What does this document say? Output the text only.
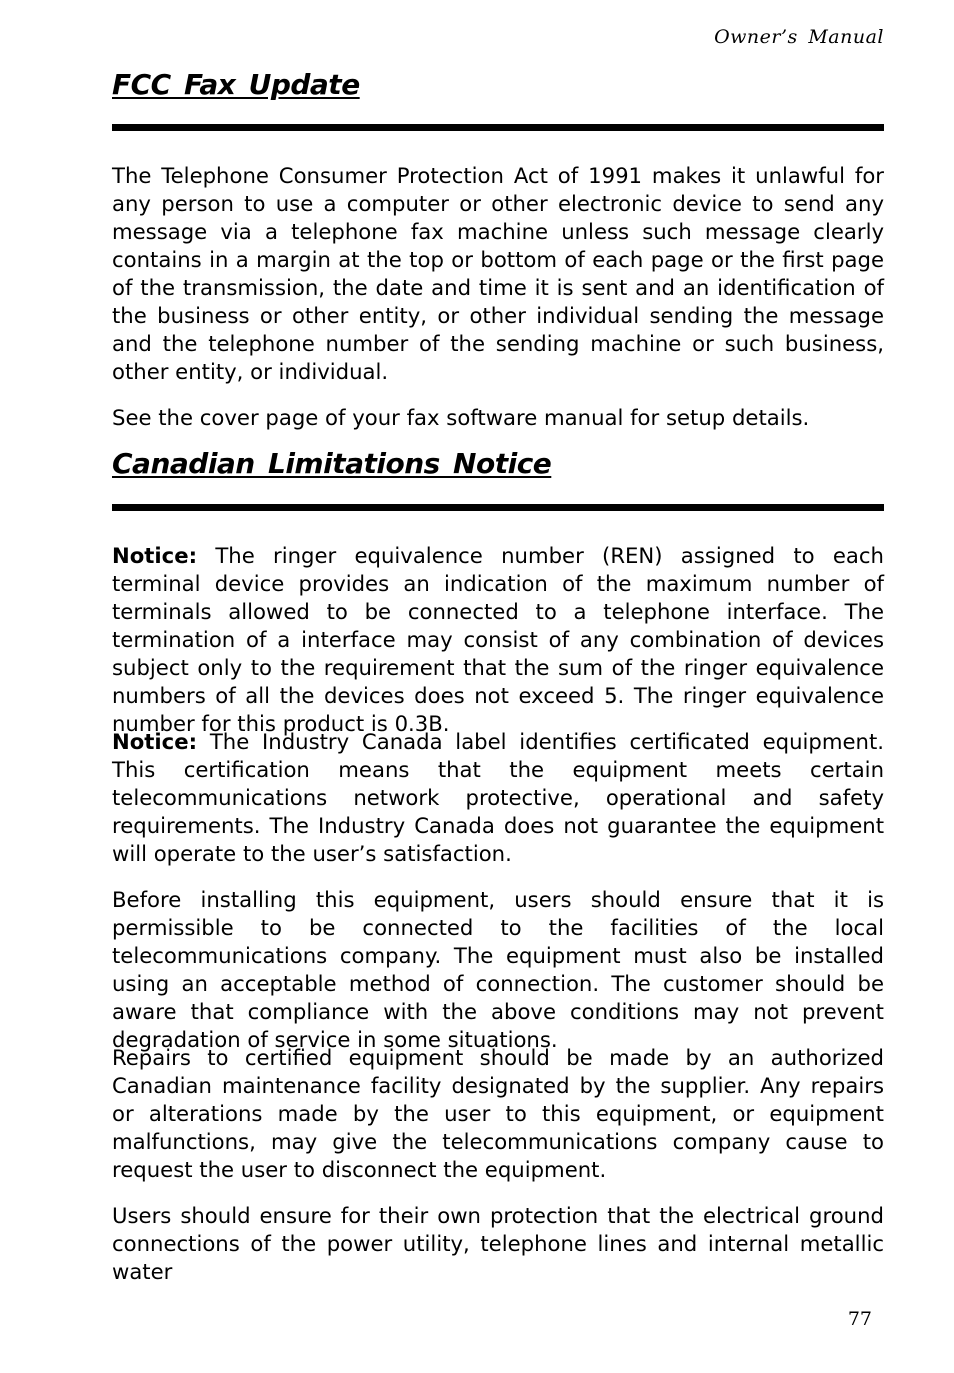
Owner’s Manual
FCC Fax Update

The Telephone Consumer Protection Act of 1991 makes it unlawful for any person to use a computer or other electronic device to send any message via a telephone fax machine unless such message clearly contains in a margin at the top or bottom of each page or the first page of the transmission, the date and time it is sent and an identification of the business or other entity, or other individual sending the message and the telephone number of the sending machine or such business, other entity, or individual.

See the cover page of your fax software manual for setup details.

Canadian Limitations Notice

Notice: The ringer equivalence number (REN) assigned to each terminal device provides an indication of the maximum number of terminals allowed to be connected to a telephone interface. The termination of a interface may consist of any combination of devices subject only to the requirement that the sum of the ringer equivalence numbers of all the devices does not exceed 5. The ringer equivalence number for this product is 0.3B.

Notice: The Industry Canada label identifies certificated equipment. This certification means that the equipment meets certain telecommunications network protective, operational and safety requirements. The Industry Canada does not guarantee the equipment will operate to the user’s satisfaction.

Before installing this equipment, users should ensure that it is permissible to be connected to the facilities of the local telecommunications company. The equipment must also be installed using an acceptable method of connection. The customer should be aware that compliance with the above conditions may not prevent degradation of service in some situations.

Repairs to certified equipment should be made by an authorized Canadian maintenance facility designated by the supplier. Any repairs or alterations made by the user to this equipment, or equipment malfunctions, may give the telecommunications company cause to request the user to disconnect the equipment.

Users should ensure for their own protection that the electrical ground connections of the power utility, telephone lines and internal metallic water

77
